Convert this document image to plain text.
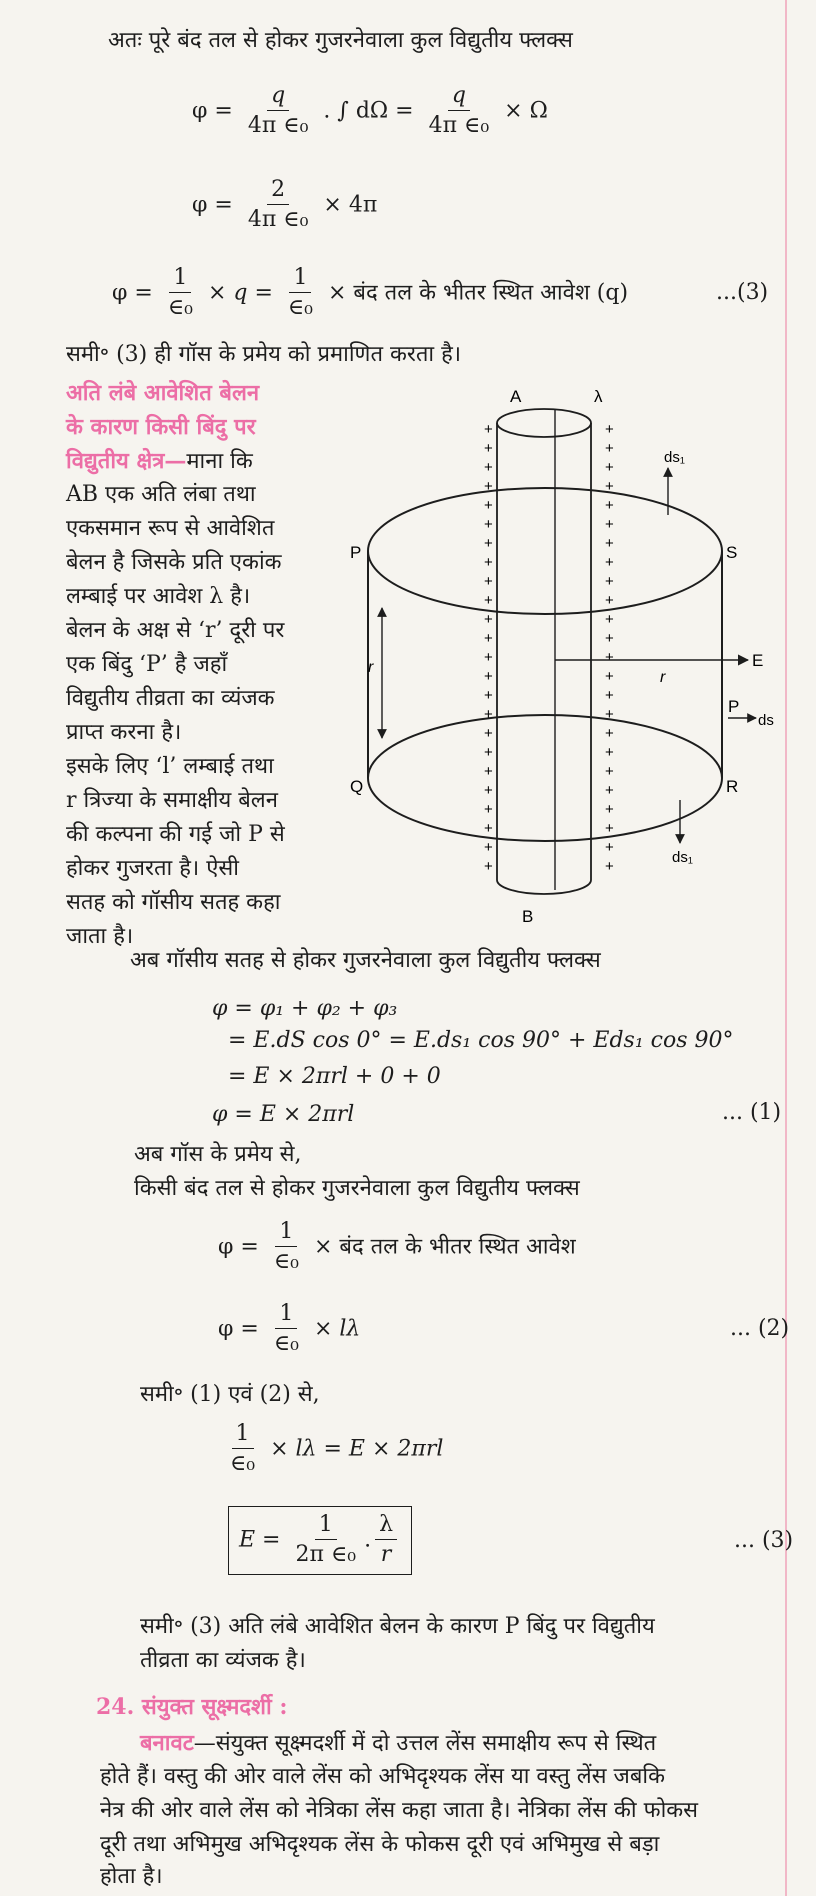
अतः पूरे बंद तल से होकर गुजरनेवाला कुल विद्युतीय फ्लक्स
$\varphi = \frac{q}{\text{4π ∈₀}}$ . ∫ $d\Omega = \frac{q}{\text{4π ∈₀}} \times \Omega$
$\varphi = \frac{2}{\text{4π ∈₀}} \times 4\pi$
$\varphi = \frac{1}{\text{∈₀}} \times q = \frac{1}{\text{∈₀}}$ × बंद तल के भीतर स्थित आवेश (q)	...(3)
समी॰ (3) ही गॉस के प्रमेय को प्रमाणित करता है।
अति लंबे आवेशित बेलन
के कारण किसी बिंदु पर
विद्युतीय क्षेत्र—माना कि
AB एक अति लंबा तथा
एकसमान रूप से आवेशित
बेलन है जिसके प्रति एकांक
लम्बाई पर आवेश λ है।
बेलन के अक्ष से ‘r’ दूरी पर
एक बिंदु ‘P’ है जहाँ
विद्युतीय तीव्रता का व्यंजक
प्राप्त करना है।
इसके लिए ‘l’ लम्बाई तथा
r त्रिज्या के समाक्षीय बेलन
की कल्पना की गई जो P से
होकर गुजरता है। ऐसी
सतह को गॉसीय सतह कहा
जाता है।
+	+
+	+
+	+
+	+
+	+
+	+
+	+
+	+
+	+
+	+
+	+
+	+
+	+
+	+
+	+
+	+
+	+
+	+
+	+
+	+
+	+
+	+
+	+
+	+
A	λ
B
P	S
Q	R
E
r
r
ds₁
ds₁
P
ds
अब गॉसीय सतह से होकर गुजरनेवाला कुल विद्युतीय फ्लक्स
φ = φ₁ + φ₂ + φ₃
= E.dS cos 0° = E.ds₁ cos 90° + Eds₁ cos 90°
= E × 2πrl + 0 + 0
φ = E × 2πrl	... (1)
अब गॉस के प्रमेय से,
किसी बंद तल से होकर गुजरनेवाला कुल विद्युतीय फ्लक्स
$\varphi = \frac{1}{\text{∈₀}}$ × बंद तल के भीतर स्थित आवेश
$\varphi = \frac{1}{\text{∈₀}} \times l\lambda$	... (2)
समी॰ (1) एवं (2) से,
$\frac{1}{\text{∈₀}} \times l\lambda = E \times 2\pi rl$
$E = \frac{1}{\text{2π ∈₀}}$ . $\frac{\lambda}{r}$	... (3)
समी॰ (3) अति लंबे आवेशित बेलन के कारण P बिंदु पर विद्युतीय
तीव्रता का व्यंजक है।
24. संयुक्त सूक्ष्मदर्शी :
बनावट—संयुक्त सूक्ष्मदर्शी में दो उत्तल लेंस समाक्षीय रूप से स्थित
होते हैं। वस्तु की ओर वाले लेंस को अभिदृश्यक लेंस या वस्तु लेंस जबकि
नेत्र की ओर वाले लेंस को नेत्रिका लेंस कहा जाता है। नेत्रिका लेंस की फोकस
दूरी तथा अभिमुख अभिदृश्यक लेंस के फोकस दूरी एवं अभिमुख से बड़ा
होता है।
